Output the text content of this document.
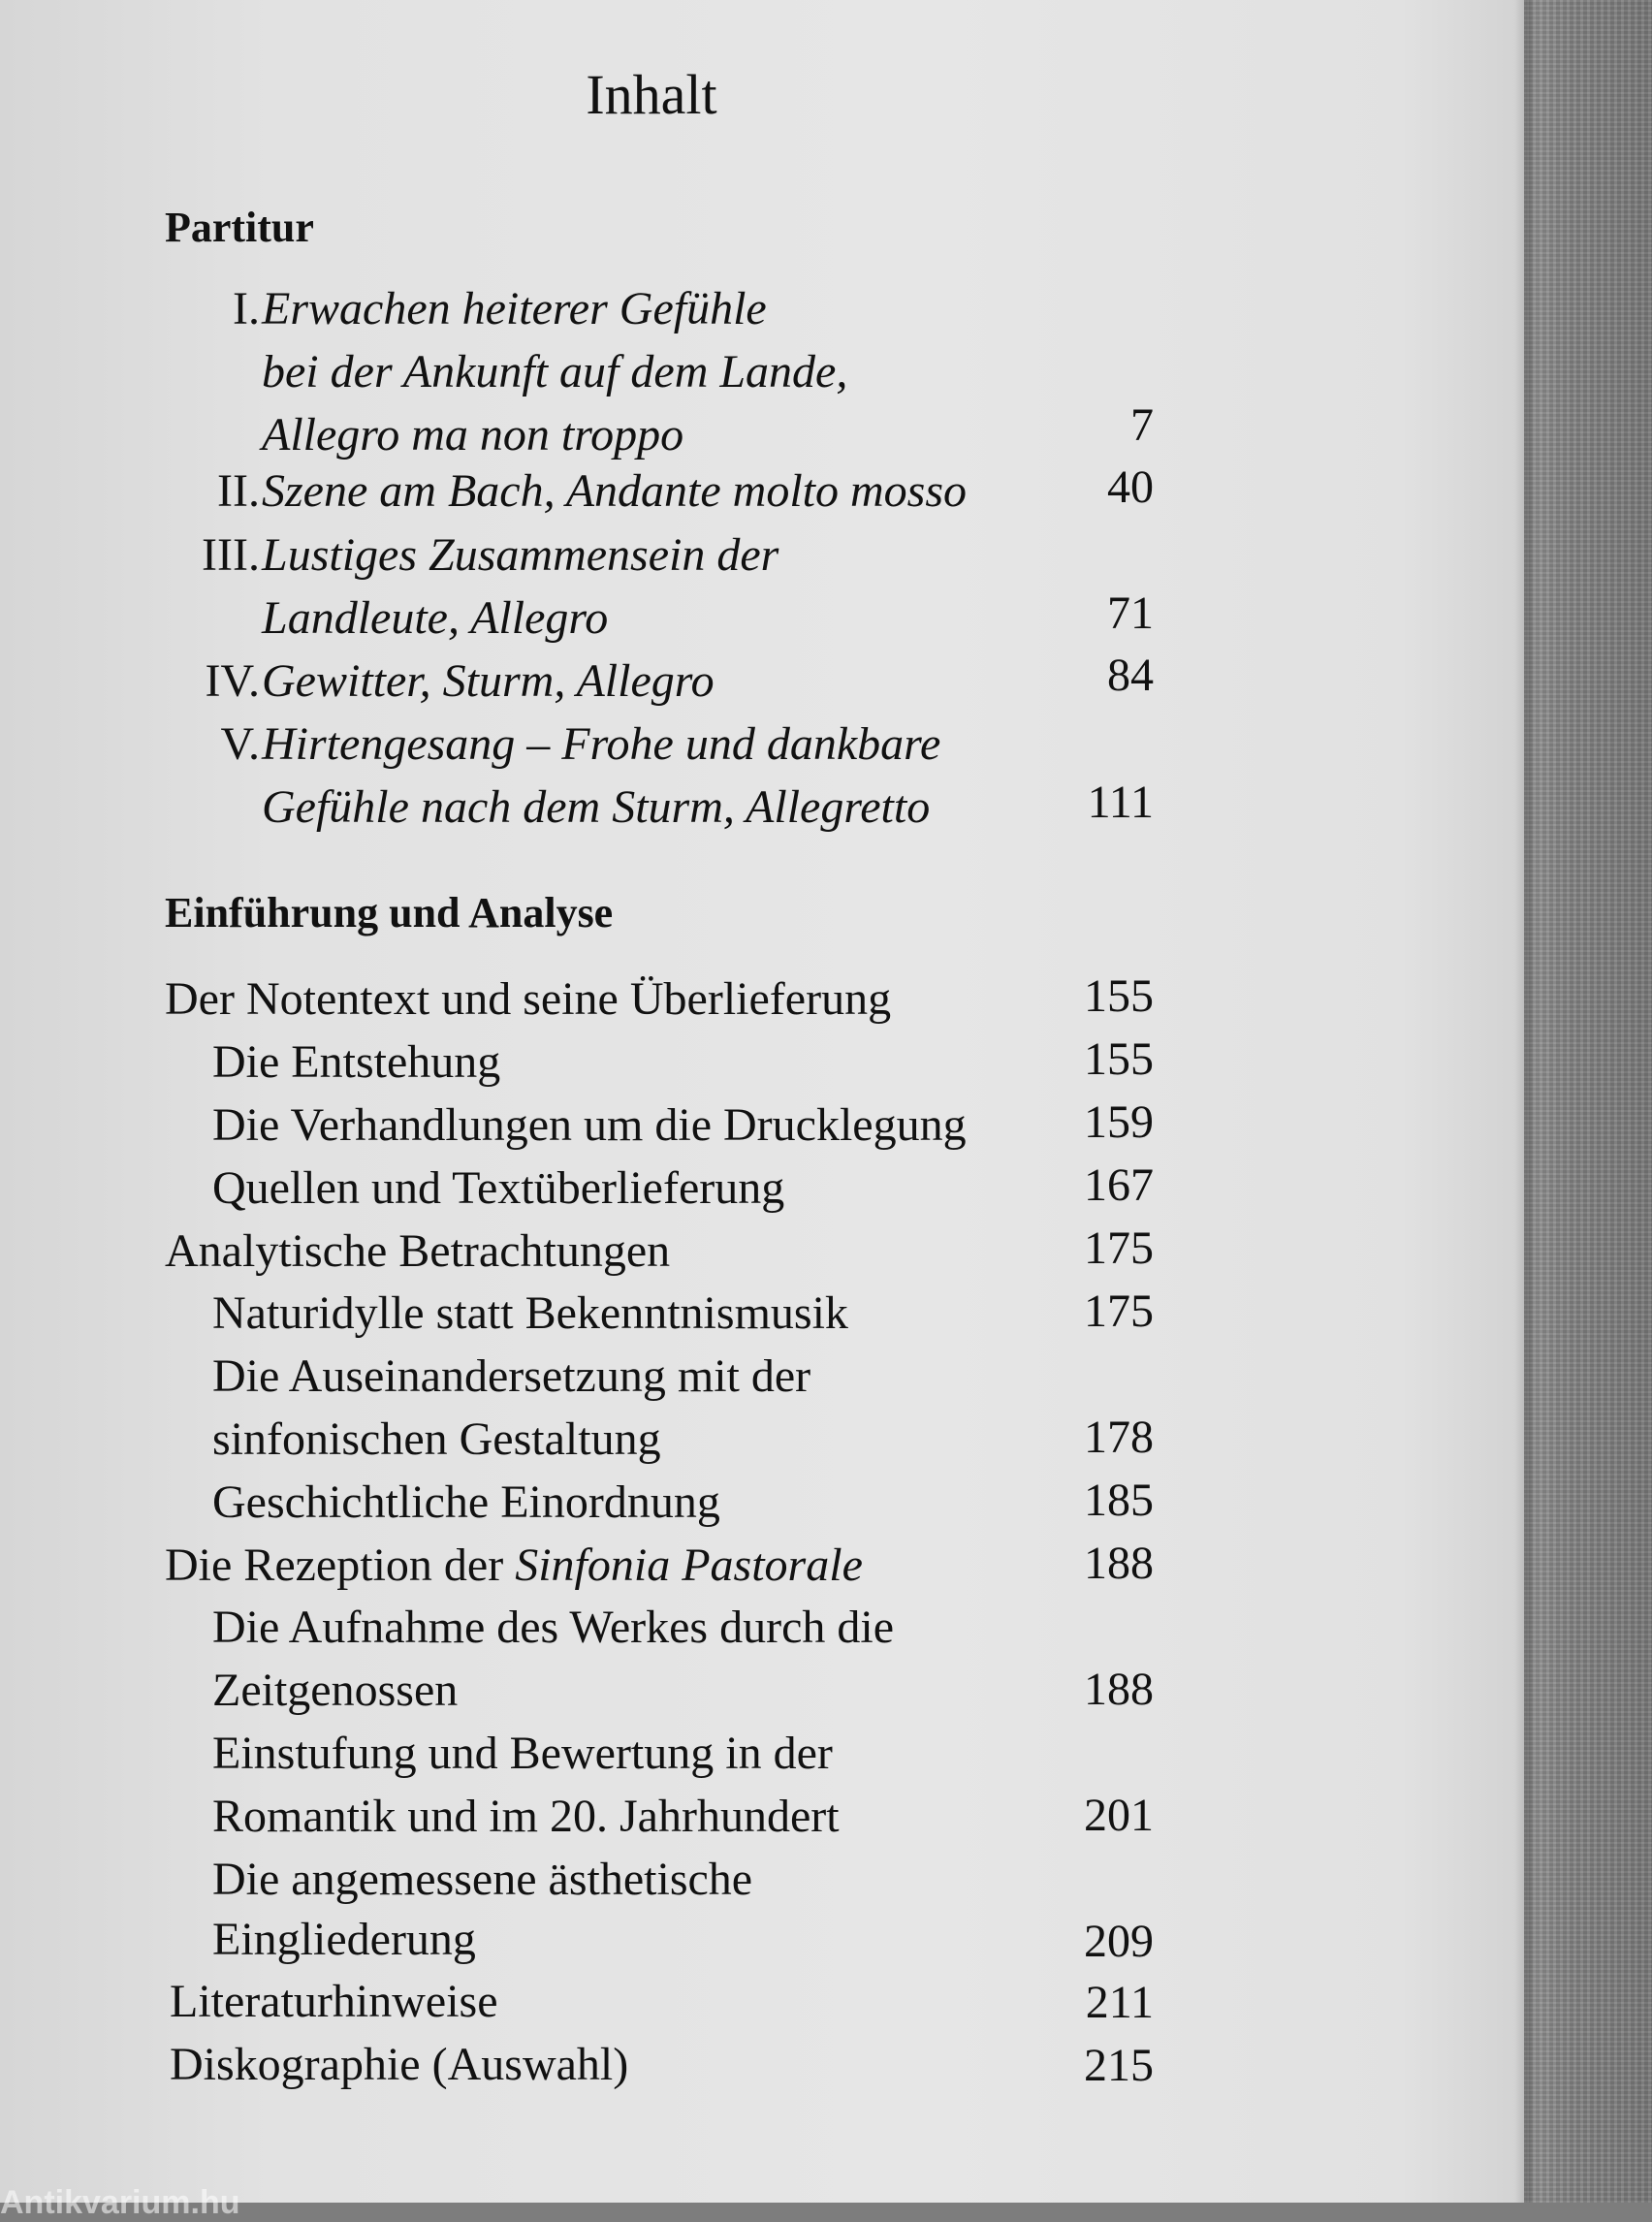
Inhalt
Partitur
I. Erwachen heiterer Gefühle
bei der Ankunft auf dem Lande,
Allegro ma non troppo	7
II. Szene am Bach, Andante molto mosso	40
III. Lustiges Zusammensein der
Landleute, Allegro	71
IV. Gewitter, Sturm, Allegro	84
V. Hirtengesang – Frohe und dankbare
Gefühle nach dem Sturm, Allegretto	111
Einführung und Analyse
Der Notentext und seine Überlieferung	155
Die Entstehung	155
Die Verhandlungen um die Drucklegung	159
Quellen und Textüberlieferung	167
Analytische Betrachtungen	175
Naturidylle statt Bekenntnismusik	175
Die Auseinandersetzung mit der
sinfonischen Gestaltung	178
Geschichtliche Einordnung	185
Die Rezeption der Sinfonia Pastorale	188
Die Aufnahme des Werkes durch die
Zeitgenossen	188
Einstufung und Bewertung in der
Romantik und im 20. Jahrhundert	201
Die angemessene ästhetische
Eingliederung	209
Literaturhinweise	211
Diskographie (Auswahl)	215
Antikvarium.hu
